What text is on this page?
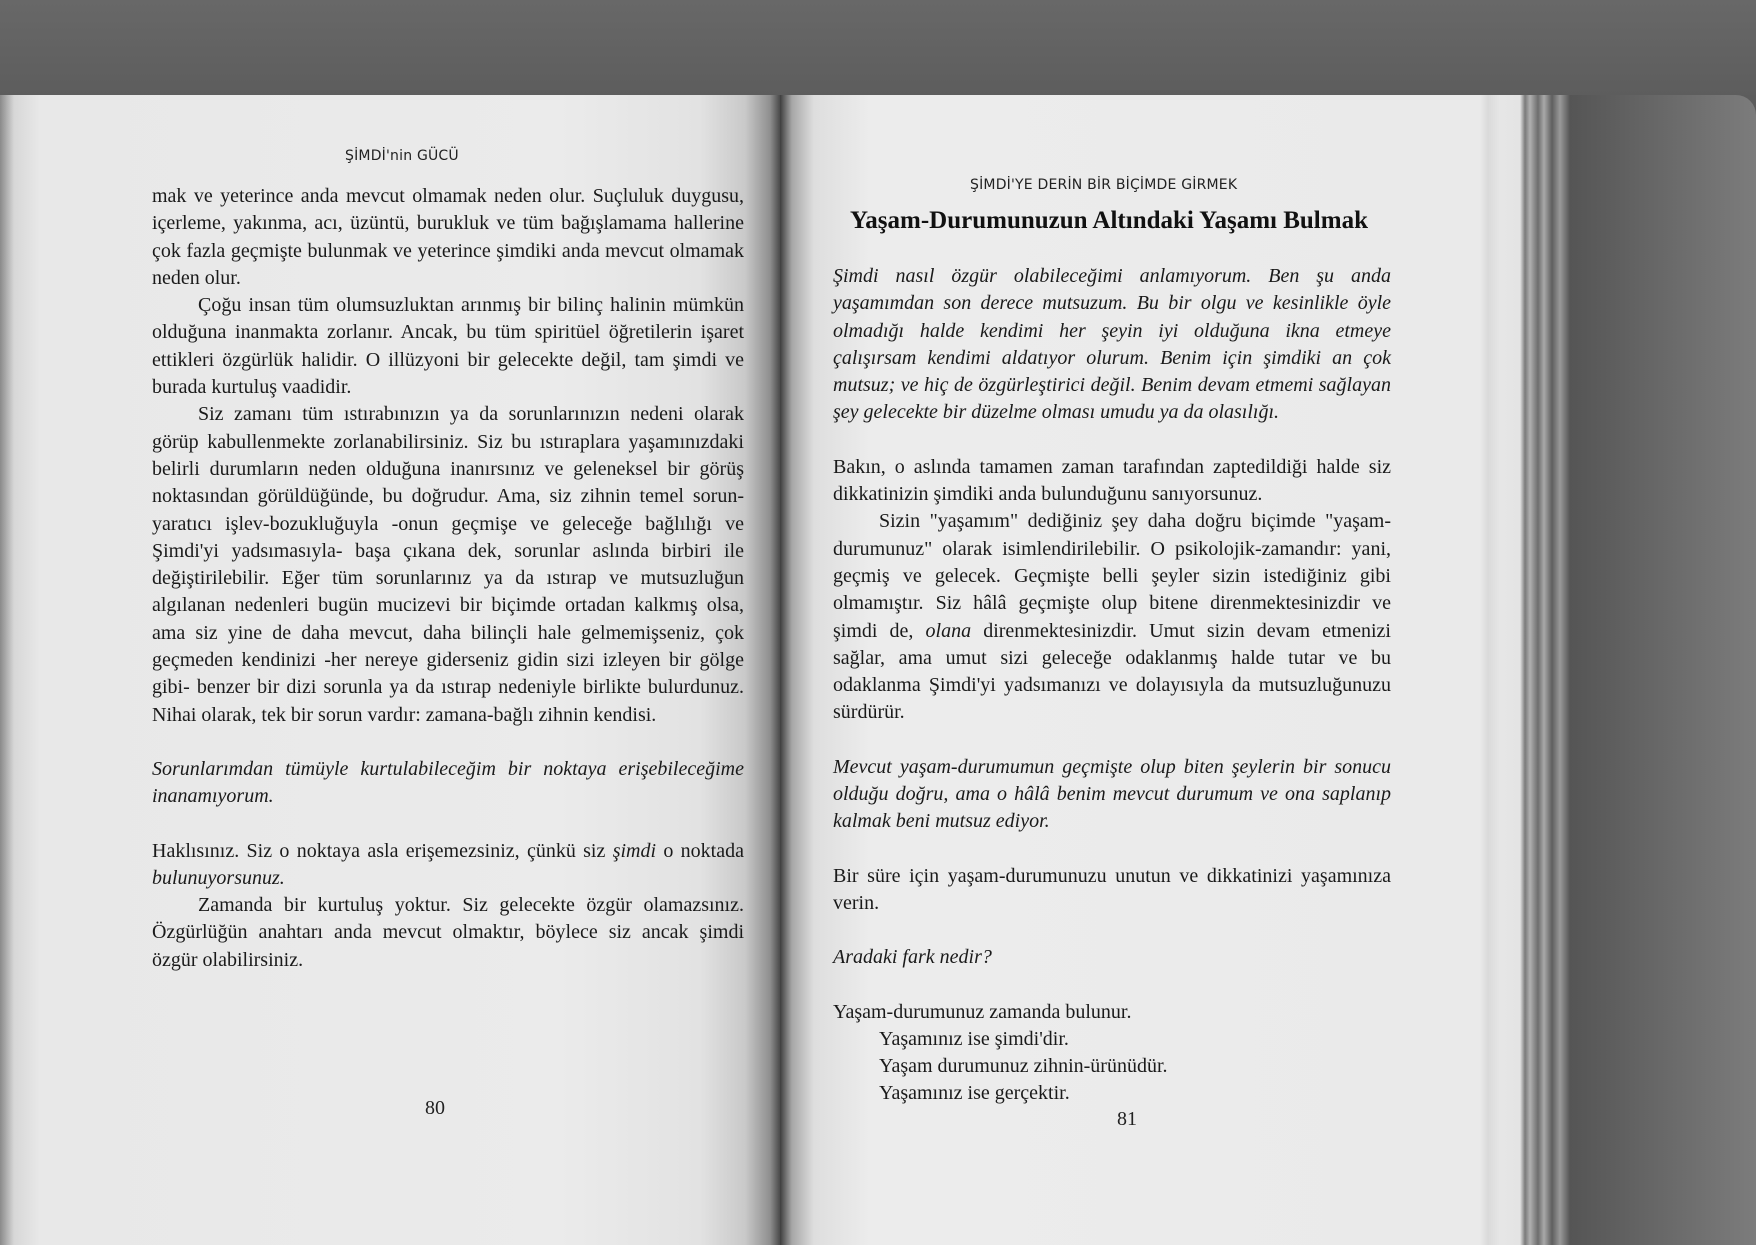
ŞİMDİ'nin GÜCÜ

mak ve yeterince anda mevcut olmamak neden olur. Suçluluk duygusu, içerleme, yakınma, acı, üzüntü, burukluk ve tüm bağışlamama hallerine çok fazla geçmişte bulunmak ve yeterince şimdiki anda mevcut olmamak neden olur.

Çoğu insan tüm olumsuzluktan arınmış bir bilinç halinin mümkün olduğuna inanmakta zorlanır. Ancak, bu tüm spiritüel öğretilerin işaret ettikleri özgürlük halidir. O illüzyoni bir gelecekte değil, tam şimdi ve burada kurtuluş vaadidir.

Siz zamanı tüm ıstırabınızın ya da sorunlarınızın nedeni olarak görüp kabullenmekte zorlanabilirsiniz. Siz bu ıstıraplara yaşamınızdaki belirli durumların neden olduğuna inanırsınız ve geleneksel bir görüş noktasından görüldüğünde, bu doğrudur. Ama, siz zihnin temel sorun-yaratıcı işlev-bozukluğuyla -onun geçmişe ve geleceğe bağlılığı ve Şimdi'yi yadsımasıyla- başa çıkana dek, sorunlar aslında birbiri ile değiştirilebilir. Eğer tüm sorunlarınız ya da ıstırap ve mutsuzluğun algılanan nedenleri bugün mucizevi bir biçimde ortadan kalkmış olsa, ama siz yine de daha mevcut, daha bilinçli hale gelmemişseniz, çok geçmeden kendinizi -her nereye giderseniz gidin sizi izleyen bir gölge gibi- benzer bir dizi sorunla ya da ıstırap nedeniyle birlikte bulurdunuz. Nihai olarak, tek bir sorun vardır: zamana-bağlı zihnin kendisi.

Sorunlarımdan tümüyle kurtulabileceğim bir noktaya erişebileceğime inanamıyorum.

Haklısınız. Siz o noktaya asla erişemezsiniz, çünkü siz şimdi o noktada bulunuyorsunuz.

Zamanda bir kurtuluş yoktur. Siz gelecekte özgür olamazsınız. Özgürlüğün anahtarı anda mevcut olmaktır, böylece siz ancak şimdi özgür olabilirsiniz.

80
ŞİMDİ'YE DERİN BİR BİÇİMDE GİRMEK
Yaşam-Durumunuzun Altındaki Yaşamı Bulmak

Şimdi nasıl özgür olabileceğimi anlamıyorum. Ben şu anda yaşamımdan son derece mutsuzum. Bu bir olgu ve kesinlikle öyle olmadığı halde kendimi her şeyin iyi olduğuna ikna etmeye çalışırsam kendimi aldatıyor olurum. Benim için şimdiki an çok mutsuz; ve hiç de özgürleştirici değil. Benim devam etmemi sağlayan şey gelecekte bir düzelme olması umudu ya da olasılığı.

Bakın, o aslında tamamen zaman tarafından zaptedildiği halde siz dikkatinizin şimdiki anda bulunduğunu sanıyorsunuz.

Sizin "yaşamım" dediğiniz şey daha doğru biçimde "yaşam-durumunuz" olarak isimlendirilebilir. O psikolojik-zamandır: yani, geçmiş ve gelecek. Geçmişte belli şeyler sizin istediğiniz gibi olmamıştır. Siz hâlâ geçmişte olup bitene direnmektesinizdir ve şimdi de, olana direnmektesinizdir. Umut sizin devam etmenizi sağlar, ama umut sizi geleceğe odaklanmış halde tutar ve bu odaklanma Şimdi'yi yadsımanızı ve dolayısıyla da mutsuzluğunuzu sürdürür.

Mevcut yaşam-durumumun geçmişte olup biten şeylerin bir sonucu olduğu doğru, ama o hâlâ benim mevcut durumum ve ona saplanıp kalmak beni mutsuz ediyor.

Bir süre için yaşam-durumunuzu unutun ve dikkatinizi yaşamınıza verin.

Aradaki fark nedir?

Yaşam-durumunuz zamanda bulunur.
Yaşamınız ise şimdi'dir.
Yaşam durumunuz zihnin-ürünüdür.
Yaşamınız ise gerçektir.
81
